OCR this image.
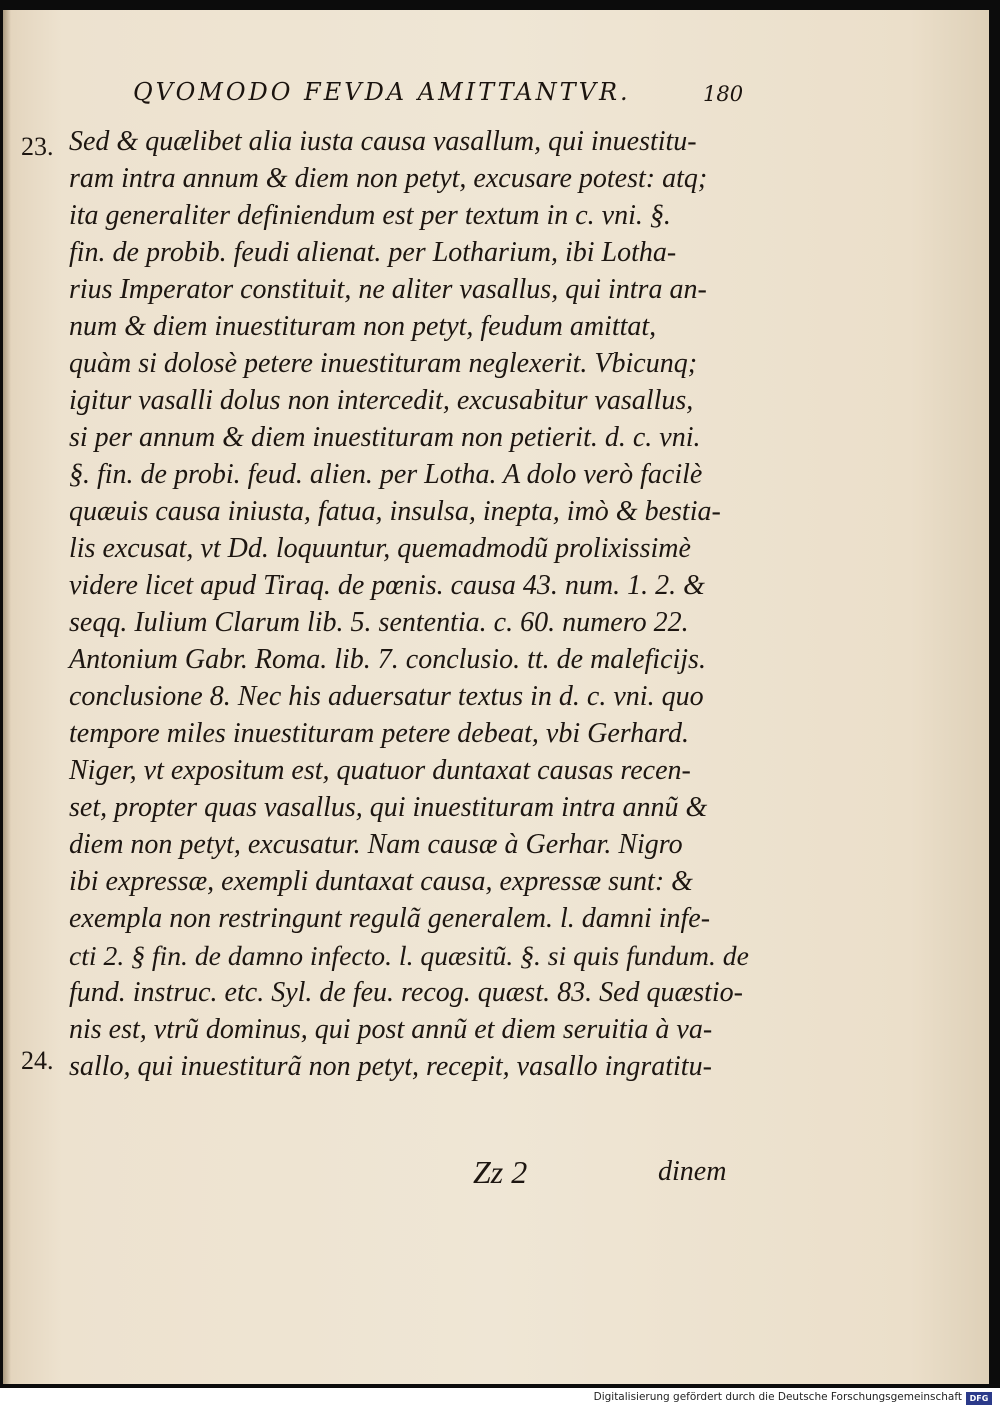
QVOMODO FEVDA AMITTANTVR.	180
23.
24.
Sed & quælibet alia iusta causa vasallum, qui inuestitu-
ram intra annum & diem non petyt, excusare potest: atq;
ita generaliter definiendum est per textum in c. vni. §.
fin. de probib. feudi alienat. per Lotharium, ibi Lotha-
rius Imperator constituit, ne aliter vasallus, qui intra an-
num & diem inuestituram non petyt, feudum amittat,
quàm si dolosè petere inuestituram neglexerit. Vbicunq;
igitur vasalli dolus non intercedit, excusabitur vasallus,
si per annum & diem inuestituram non petierit. d. c. vni.
§. fin. de probi. feud. alien. per Lotha. A dolo verò facilè
quæuis causa iniusta, fatua, insulsa, inepta, imò & bestia-
lis excusat, vt Dd. loquuntur, quemadmodũ prolixissimè
videre licet apud Tiraq. de pœnis. causa 43. num. 1. 2. &
seqq. Iulium Clarum lib. 5. sententia. c. 60. numero 22.
Antonium Gabr. Roma. lib. 7. conclusio. tt. de maleficijs.
conclusione 8. Nec his aduersatur textus in d. c. vni. quo
tempore miles inuestituram petere debeat, vbi Gerhard.
Niger, vt expositum est, quatuor duntaxat causas recen-
set, propter quas vasallus, qui inuestituram intra annũ &
diem non petyt, excusatur. Nam causæ à Gerhar. Nigro
ibi expressæ, exempli duntaxat causa, expressæ sunt: &
exempla non restringunt regulã generalem. l. damni infe-
cti 2. § fin. de damno infecto. l. quæsitũ. §. si quis fundum. de
fund. instruc. etc. Syl. de feu. recog. quæst. 83. Sed quæstio-
nis est, vtrũ dominus, qui post annũ et diem seruitia à va-
sallo, qui inuestiturã non petyt, recepit, vasallo ingratitu-
Zz 2	dinem
Digitalisierung gefördert durch die Deutsche Forschungsgemeinschaft DFG
